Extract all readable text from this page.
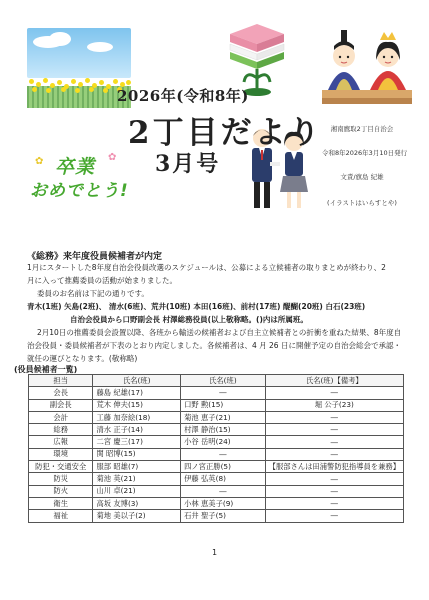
2026年(令和8年)
2丁目だより
3月号
✿	✿
卒業
おめでとう!
湘南鷹取2丁目自治会
令和8年2026年3月10日発行
文責/旗島 紀雄
(イラストはいらすとや)
《総務》来年度役員候補者が内定
1月にスタートした8年度自治会役員改選のスケジュールは、公募による立候補者の取りまとめが終わり、2
月に入って推薦委員の活動が始まりました。
委員のお名前は下記の通りです。
青木(1班) 矢島(2班)、 清水(6班)、荒井(10班) 本田(16班)、前村(17班) 醍醐(20班) 白石(23班)
自治会役員から口野副会長 村澤総務役員(以上敬称略。()内は所属班。
2月10日の推薦委員会設置以降、各班から輸送の候補者および自主立候補者との折衝を重ねた結果、8年度自
治会役員・委員候補者が下表のとおり内定しました。各候補者は、4 月 26 日に開催予定の自治会総会で承認・
就任の運びとなります。(敬称略)
(役員候補者一覧)
担当	氏名(班)	氏名(班)	氏名(班)【備考】
会長	藤島 紀雄(17)	―	―
副会長	荒木 伸夫(15)	口野 勲(15)	堀 公子(23)
会計	工藤 加奈絵(18)	菊池 恵子(21)	―
総務	清水 正子(14)	村澤 静治(15)	―
広報	二宮 慶三(17)	小谷 岳明(24)	―
環境	関 昭博(15)	―	―
防犯・交通安全	服部 昭雄(7)	四ノ宮正勝(5)	【服部さんは田浦警防犯指導員を兼務】
防災	菊池 英(21)	伊藤 弘英(8)	―
防火	山川 卓(21)	―	―
衛生	高坂 友博(3)	小林 恵美子(9)	―
福祉	菊地 美以子(2)	石井 聖子(5)	―
1
